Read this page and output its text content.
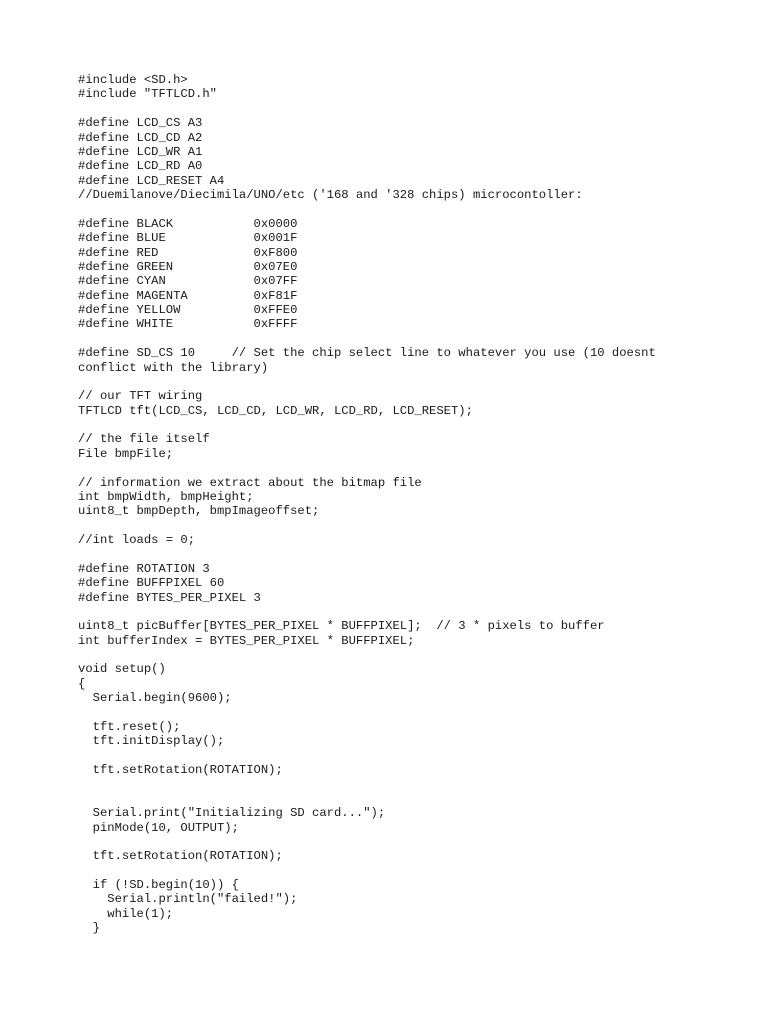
#include <SD.h>
#include "TFTLCD.h"
#define LCD_CS A3
#define LCD_CD A2
#define LCD_WR A1
#define LCD_RD A0
#define LCD_RESET A4
//Duemilanove/Diecimila/UNO/etc ('168 and '328 chips) microcontoller:
#define BLACK           0x0000
#define BLUE            0x001F
#define RED             0xF800
#define GREEN           0x07E0
#define CYAN            0x07FF
#define MAGENTA         0xF81F
#define YELLOW          0xFFE0
#define WHITE           0xFFFF
#define SD_CS 10     // Set the chip select line to whatever you use (10 doesnt
conflict with the library)
// our TFT wiring
TFTLCD tft(LCD_CS, LCD_CD, LCD_WR, LCD_RD, LCD_RESET);
// the file itself
File bmpFile;
// information we extract about the bitmap file
int bmpWidth, bmpHeight;
uint8_t bmpDepth, bmpImageoffset;
//int loads = 0;
#define ROTATION 3
#define BUFFPIXEL 60
#define BYTES_PER_PIXEL 3
uint8_t picBuffer[BYTES_PER_PIXEL * BUFFPIXEL];  // 3 * pixels to buffer
int bufferIndex = BYTES_PER_PIXEL * BUFFPIXEL;
void setup()
{
Serial.begin(9600);
tft.reset();
tft.initDisplay();
tft.setRotation(ROTATION);
Serial.print("Initializing SD card...");
pinMode(10, OUTPUT);
tft.setRotation(ROTATION);
if (!SD.begin(10)) {
Serial.println("failed!");
while(1);
}
